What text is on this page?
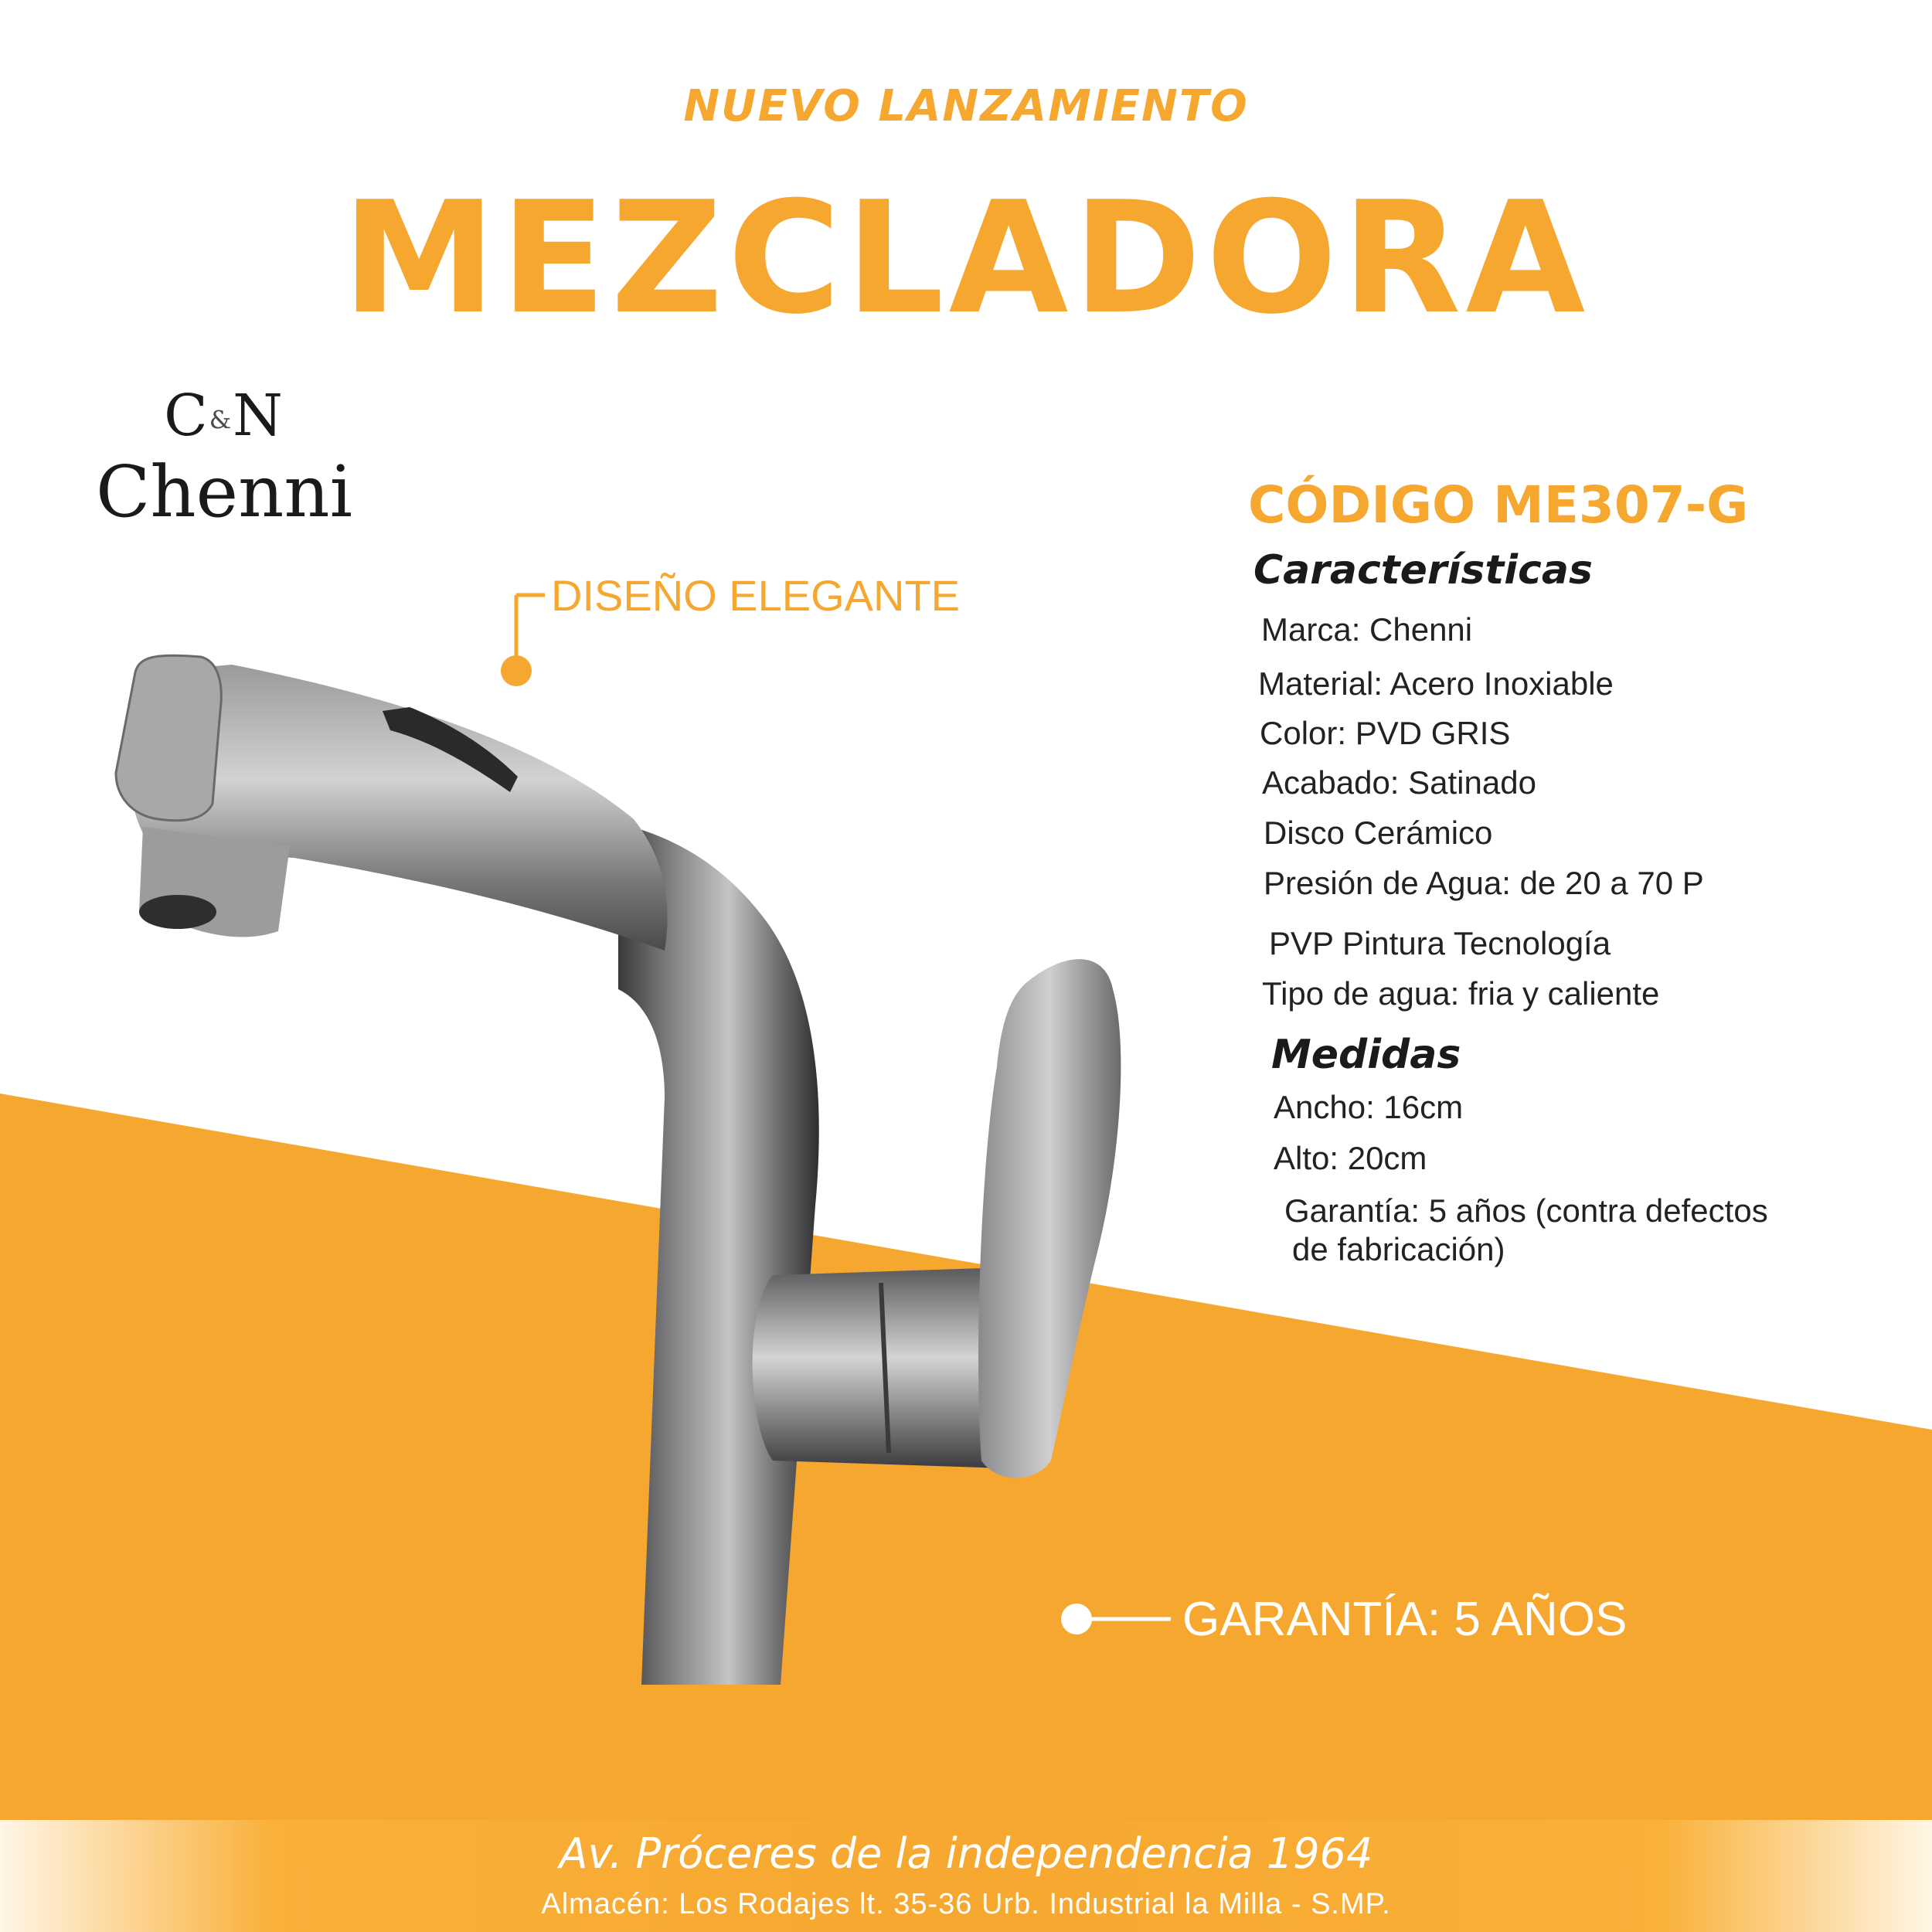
NUEVO LANZAMIENTO
MEZCLADORA
C&N
Chenni
DISEÑO ELEGANTE
GARANTÍA: 5 AÑOS
CÓDIGO ME307-G
Características
Marca: Chenni
Material: Acero Inoxiable
Color: PVD GRIS
Acabado: Satinado
Disco Cerámico
Presión de Agua: de 20 a 70 P
PVP Pintura Tecnología
Tipo de agua: fria y caliente
Medidas
Ancho: 16cm
Alto: 20cm
Garantía: 5 años (contra defectos
de fabricación)
Av. Próceres de la independencia 1964
Almacén: Los Rodajes lt. 35-36 Urb. Industrial la Milla - S.MP.
